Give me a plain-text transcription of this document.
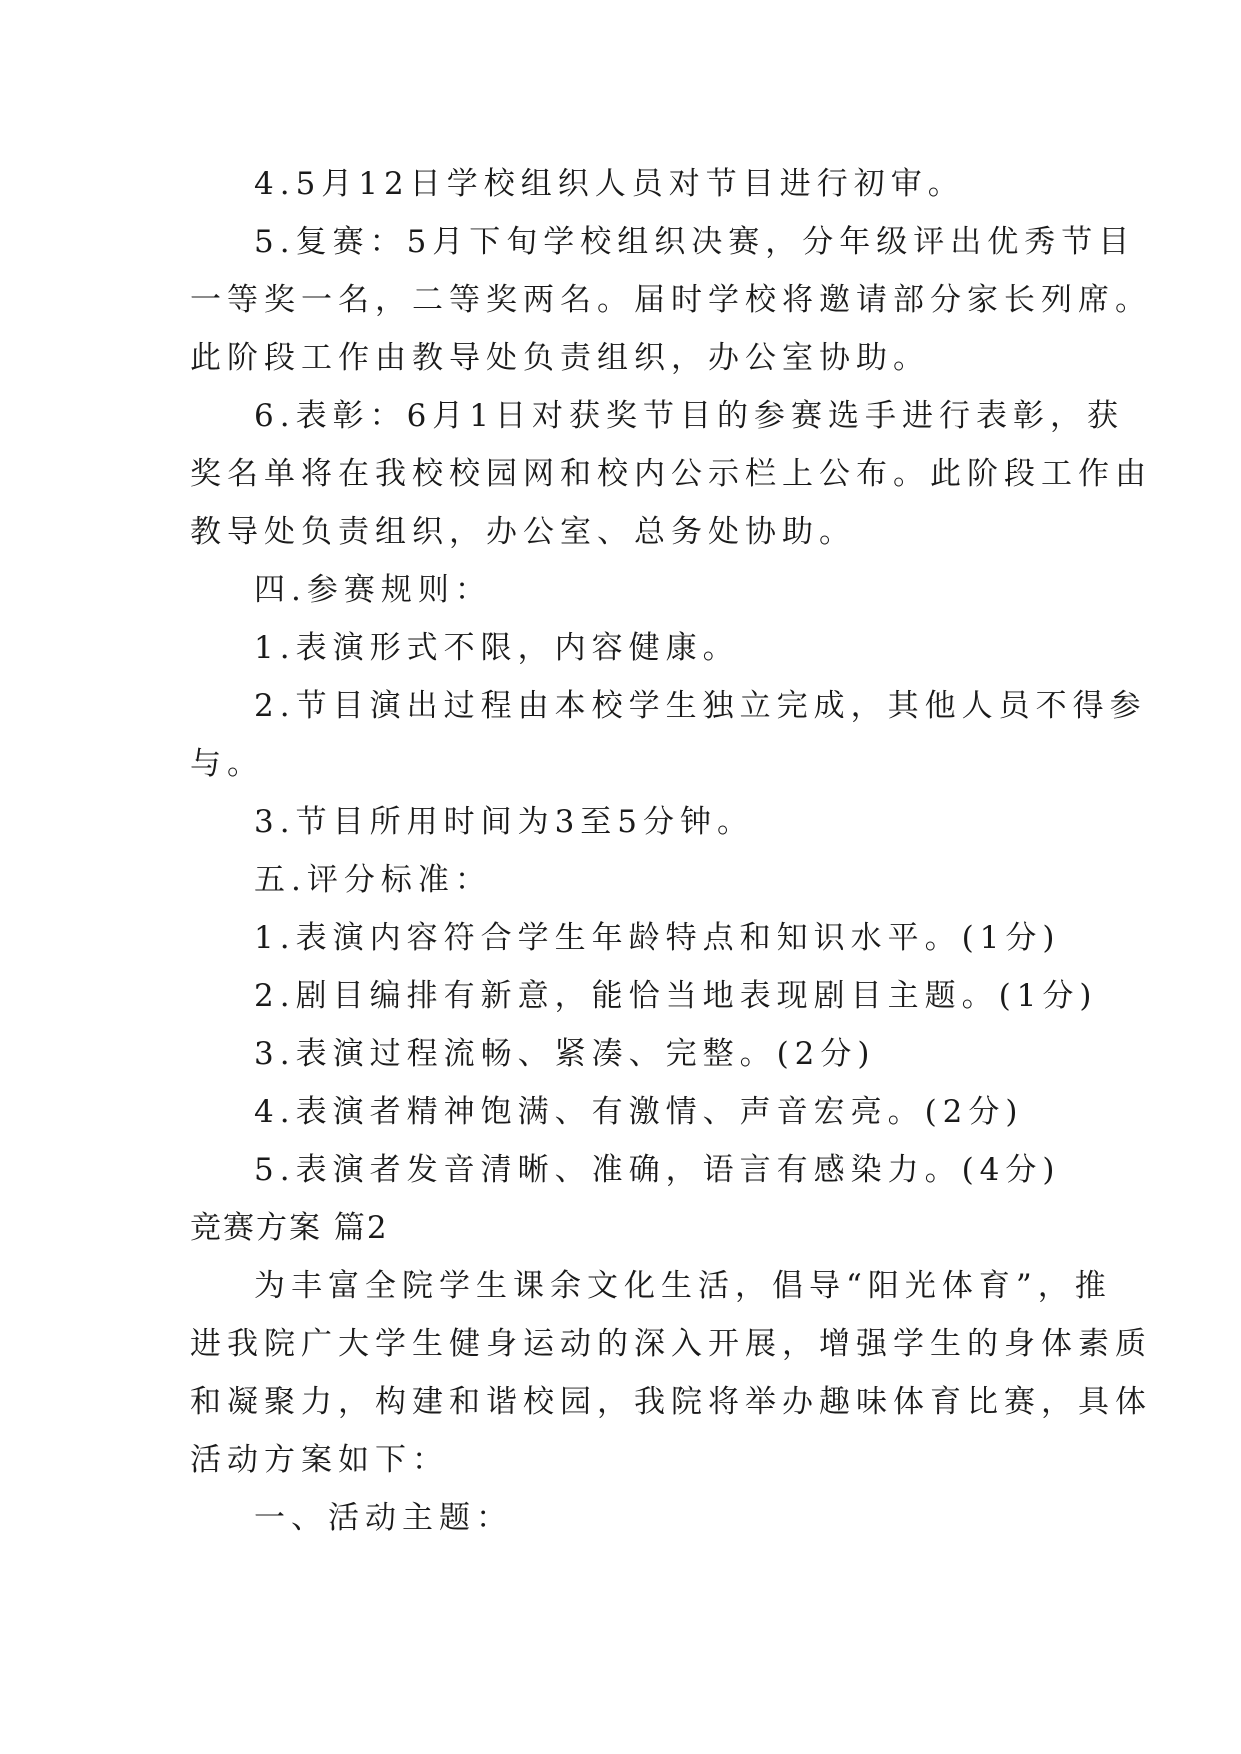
4.5月12日学校组织人员对节目进行初审。

5.复赛：5月下旬学校组织决赛，分年级评出优秀节目

一等奖一名，二等奖两名。届时学校将邀请部分家长列席。

此阶段工作由教导处负责组织，办公室协助。

6.表彰：6月1日对获奖节目的参赛选手进行表彰，获

奖名单将在我校校园网和校内公示栏上公布。此阶段工作由

教导处负责组织，办公室、总务处协助。

四.参赛规则：

1.表演形式不限，内容健康。

2.节目演出过程由本校学生独立完成，其他人员不得参

与。

3.节目所用时间为3至5分钟。

五.评分标准：

1.表演内容符合学生年龄特点和知识水平。(1分)

2.剧目编排有新意，能恰当地表现剧目主题。(1分)

3.表演过程流畅、紧凑、完整。(2分)

4.表演者精神饱满、有激情、声音宏亮。(2分)

5.表演者发音清晰、准确，语言有感染力。(4分)

竞赛方案 篇2

为丰富全院学生课余文化生活，倡导“阳光体育”，推

进我院广大学生健身运动的深入开展，增强学生的身体素质

和凝聚力，构建和谐校园，我院将举办趣味体育比赛，具体

活动方案如下：

一、活动主题：
